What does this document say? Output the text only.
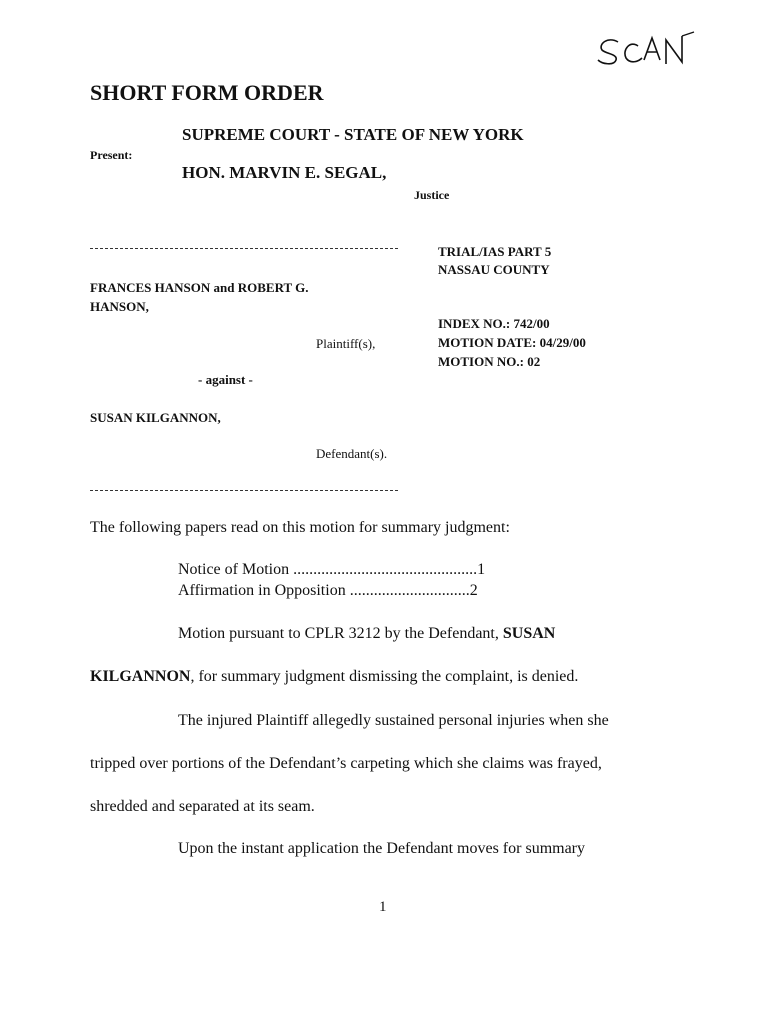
SHORT FORM ORDER
SUPREME COURT - STATE OF NEW YORK
Present:
HON. MARVIN E. SEGAL,
Justice
FRANCES HANSON and ROBERT G.
HANSON,
Plaintiff(s),
- against -
SUSAN KILGANNON,
Defendant(s).
TRIAL/IAS PART 5
NASSAU COUNTY
INDEX NO.: 742/00
MOTION DATE: 04/29/00
MOTION NO.: 02
The following papers read on this motion for summary judgment:
Notice of Motion ..............................................1
Affirmation in Opposition ..............................2
Motion pursuant to CPLR 3212 by the Defendant, SUSAN
KILGANNON, for summary judgment dismissing the complaint, is denied.
The injured Plaintiff allegedly sustained personal injuries when she
tripped over portions of the Defendant’s carpeting which she claims was frayed,
shredded and separated at its seam.
Upon the instant application the Defendant moves for summary
1
